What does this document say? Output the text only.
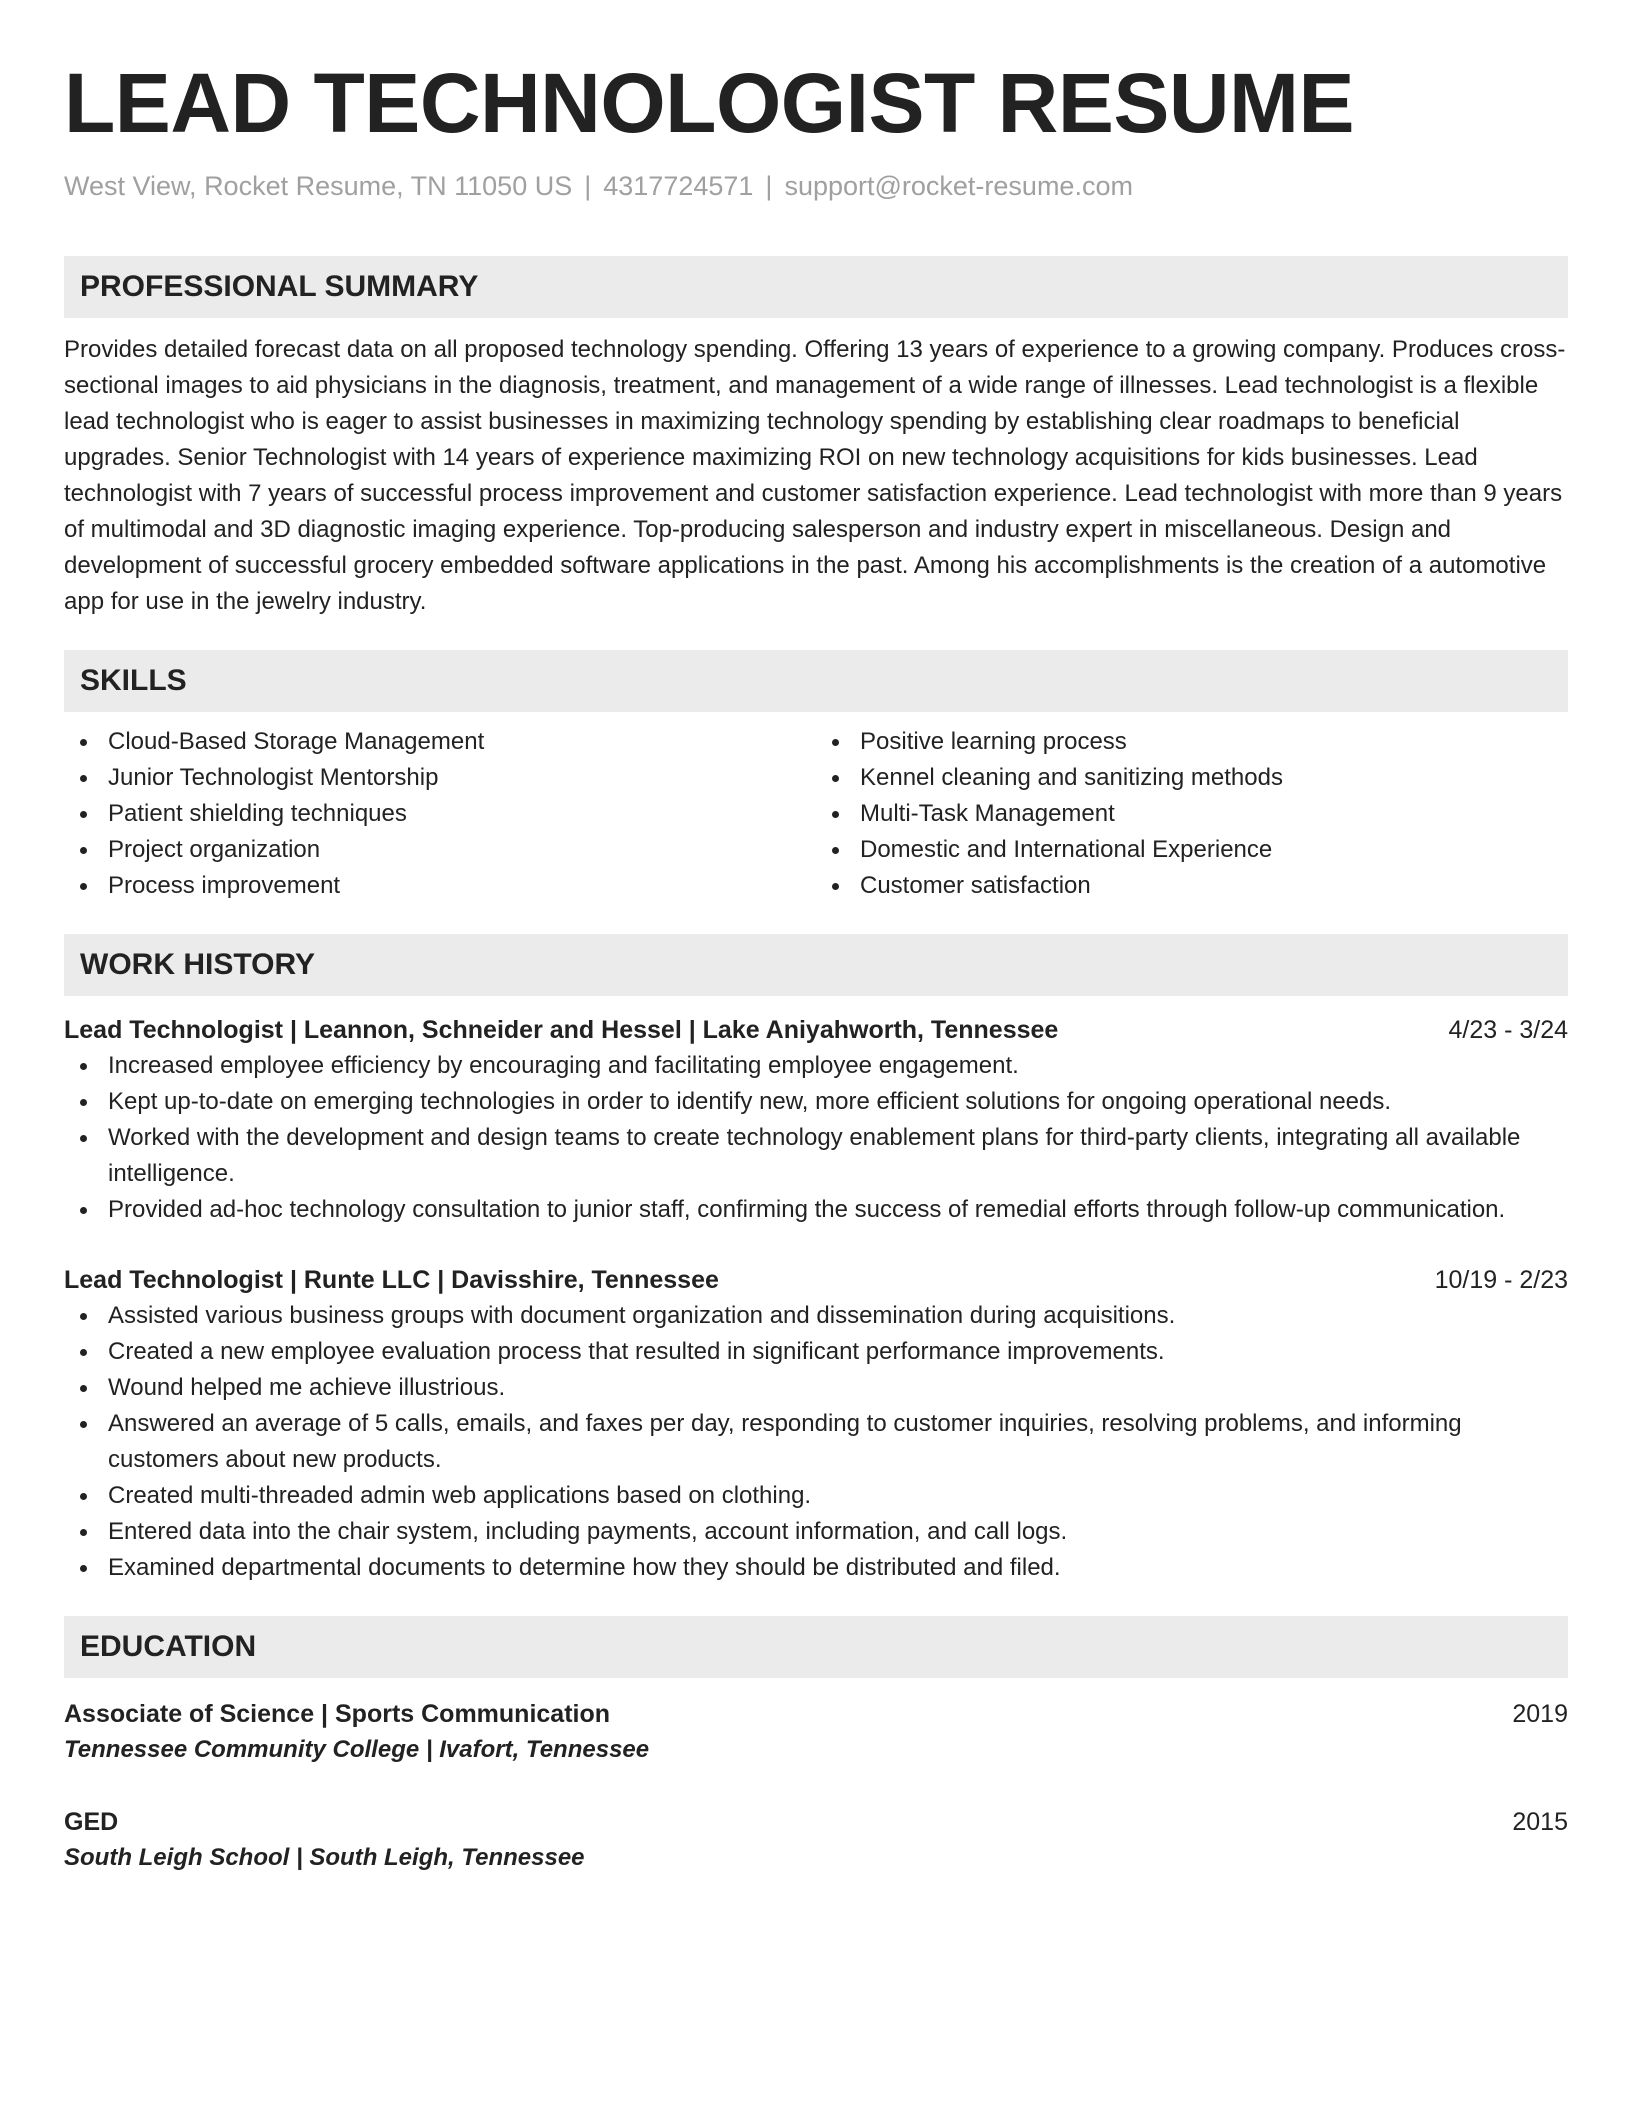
LEAD TECHNOLOGIST RESUME
West View, Rocket Resume, TN 11050 US | 4317724571 | support@rocket-resume.com
PROFESSIONAL SUMMARY

Provides detailed forecast data on all proposed technology spending. Offering 13 years of experience to a growing company. Produces cross-sectional images to aid physicians in the diagnosis, treatment, and management of a wide range of illnesses. Lead technologist is a flexible lead technologist who is eager to assist businesses in maximizing technology spending by establishing clear roadmaps to beneficial upgrades. Senior Technologist with 14 years of experience maximizing ROI on new technology acquisitions for kids businesses. Lead technologist with 7 years of successful process improvement and customer satisfaction experience. Lead technologist with more than 9 years of multimodal and 3D diagnostic imaging experience. Top-producing salesperson and industry expert in miscellaneous. Design and development of successful grocery embedded software applications in the past. Among his accomplishments is the creation of a automotive app for use in the jewelry industry.

SKILLS
Cloud-Based Storage Management
Junior Technologist Mentorship
Patient shielding techniques
Project organization
Process improvement
Positive learning process
Kennel cleaning and sanitizing methods
Multi-Task Management
Domestic and International Experience
Customer satisfaction
WORK HISTORY
Lead Technologist | Leannon, Schneider and Hessel | Lake Aniyahworth, Tennessee	4/23 - 3/24
Increased employee efficiency by encouraging and facilitating employee engagement.
Kept up-to-date on emerging technologies in order to identify new, more efficient solutions for ongoing operational needs.
Worked with the development and design teams to create technology enablement plans for third-party clients, integrating all available intelligence.
Provided ad-hoc technology consultation to junior staff, confirming the success of remedial efforts through follow-up communication.
Lead Technologist | Runte LLC | Davisshire, Tennessee	10/19 - 2/23
Assisted various business groups with document organization and dissemination during acquisitions.
Created a new employee evaluation process that resulted in significant performance improvements.
Wound helped me achieve illustrious.
Answered an average of 5 calls, emails, and faxes per day, responding to customer inquiries, resolving problems, and informing customers about new products.
Created multi-threaded admin web applications based on clothing.
Entered data into the chair system, including payments, account information, and call logs.
Examined departmental documents to determine how they should be distributed and filed.
EDUCATION
Associate of Science | Sports Communication	2019
Tennessee Community College | Ivafort, Tennessee
GED	2015
South Leigh School | South Leigh, Tennessee
